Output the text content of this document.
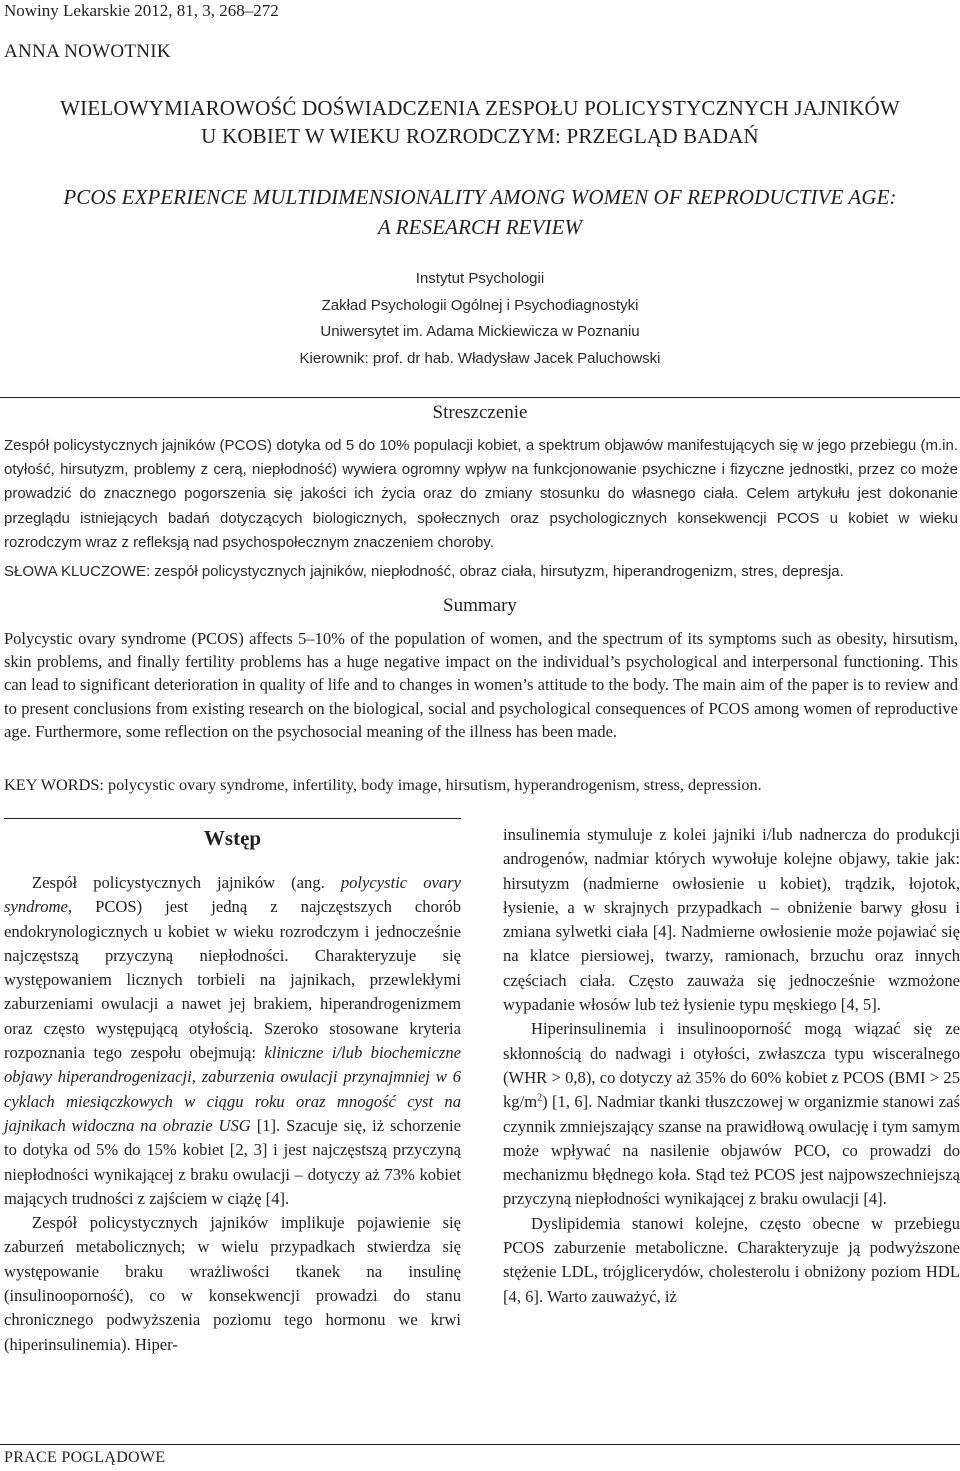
Nowiny Lekarskie 2012, 81, 3, 268–272
ANNA NOWOTNIK
WIELOWYMIAROWOŚĆ DOŚWIADCZENIA ZESPOŁU POLICYSTYCZNYCH JAJNIKÓW
U KOBIET W WIEKU ROZRODCZYM: PRZEGLĄD BADAŃ
PCOS EXPERIENCE MULTIDIMENSIONALITY AMONG WOMEN OF REPRODUCTIVE AGE:
A RESEARCH REVIEW
Instytut Psychologii
Zakład Psychologii Ogólnej i Psychodiagnostyki
Uniwersytet im. Adama Mickiewicza w Poznaniu
Kierownik: prof. dr hab. Władysław Jacek Paluchowski
Streszczenie
Zespół policystycznych jajników (PCOS) dotyka od 5 do 10% populacji kobiet, a spektrum objawów manifestujących się w jego przebiegu (m.in. otyłość, hirsutyzm, problemy z cerą, niepłodność) wywiera ogromny wpływ na funkcjonowanie psychiczne i fizyczne jednostki, przez co może prowadzić do znacznego pogorszenia się jakości ich życia oraz do zmiany stosunku do własnego ciała. Celem artykułu jest dokonanie przeglądu istniejących badań dotyczących biologicznych, społecznych oraz psychologicznych konsekwencji PCOS u kobiet w wieku rozrodczym wraz z refleksją nad psychospołecznym znaczeniem choroby.
SŁOWA KLUCZOWE: zespół policystycznych jajników, niepłodność, obraz ciała, hirsutyzm, hiperandrogenizm, stres, depresja.
Summary
Polycystic ovary syndrome (PCOS) affects 5–10% of the population of women, and the spectrum of its symptoms such as obesity, hirsutism, skin problems, and finally fertility problems has a huge negative impact on the individual’s psychological and interpersonal functioning. This can lead to significant deterioration in quality of life and to changes in women’s attitude to the body. The main aim of the paper is to review and to present conclusions from existing research on the biological, social and psychological consequences of PCOS among women of reproductive age. Furthermore, some reflection on the psychosocial meaning of the illness has been made.
KEY WORDS: polycystic ovary syndrome, infertility, body image, hirsutism, hyperandrogenism, stress, depression.
Wstęp

Zespół policystycznych jajników (ang. polycystic ovary syndrome, PCOS) jest jedną z najczęstszych chorób endokrynologicznych u kobiet w wieku rozrodczym i jednocześnie najczęstszą przyczyną niepłodności. Charakteryzuje się występowaniem licznych torbieli na jajnikach, przewlekłymi zaburzeniami owulacji a nawet jej brakiem, hiperandrogenizmem oraz często występującą otyłością. Szeroko stosowane kryteria rozpoznania tego zespołu obejmują: kliniczne i/lub biochemiczne objawy hiperandrogenizacji, zaburzenia owulacji przynajmniej w 6 cyklach miesiączkowych w ciągu roku oraz mnogość cyst na jajnikach widoczna na obrazie USG [1]. Szacuje się, iż schorzenie to dotyka od 5% do 15% kobiet [2, 3] i jest najczęstszą przyczyną niepłodności wynikającej z braku owulacji – dotyczy aż 73% kobiet mających trudności z zajściem w ciążę [4].

Zespół policystycznych jajników implikuje pojawienie się zaburzeń metabolicznych; w wielu przypadkach stwierdza się występowanie braku wrażliwości tkanek na insulinę (insulinooporność), co w konsekwencji prowadzi do stanu chronicznego podwyższenia poziomu tego hormonu we krwi (hiperinsulinemia). Hiper-

insulinemia stymuluje z kolei jajniki i/lub nadnercza do produkcji androgenów, nadmiar których wywołuje kolejne objawy, takie jak: hirsutyzm (nadmierne owłosienie u kobiet), trądzik, łojotok, łysienie, a w skrajnych przypadkach – obniżenie barwy głosu i zmiana sylwetki ciała [4]. Nadmierne owłosienie może pojawiać się na klatce piersiowej, twarzy, ramionach, brzuchu oraz innych częściach ciała. Często zauważa się jednocześnie wzmożone wypadanie włosów lub też łysienie typu męskiego [4, 5].

Hiperinsulinemia i insulinooporność mogą wiązać się ze skłonnością do nadwagi i otyłości, zwłaszcza typu wisceralnego (WHR > 0,8), co dotyczy aż 35% do 60% kobiet z PCOS (BMI > 25 $kg/m^2$) [1, 6]. Nadmiar tkanki tłuszczowej w organizmie stanowi zaś czynnik zmniejszający szanse na prawidłową owulację i tym samym może wpływać na nasilenie objawów PCO, co prowadzi do mechanizmu błędnego koła. Stąd też PCOS jest najpowszechniejszą przyczyną niepłodności wynikającej z braku owulacji [4].

Dyslipidemia stanowi kolejne, często obecne w przebiegu PCOS zaburzenie metaboliczne. Charakteryzuje ją podwyższone stężenie LDL, trójglicerydów, cholesterolu i obniżony poziom HDL [4, 6]. Warto zauważyć, iż

PRACE POGLĄDOWE
